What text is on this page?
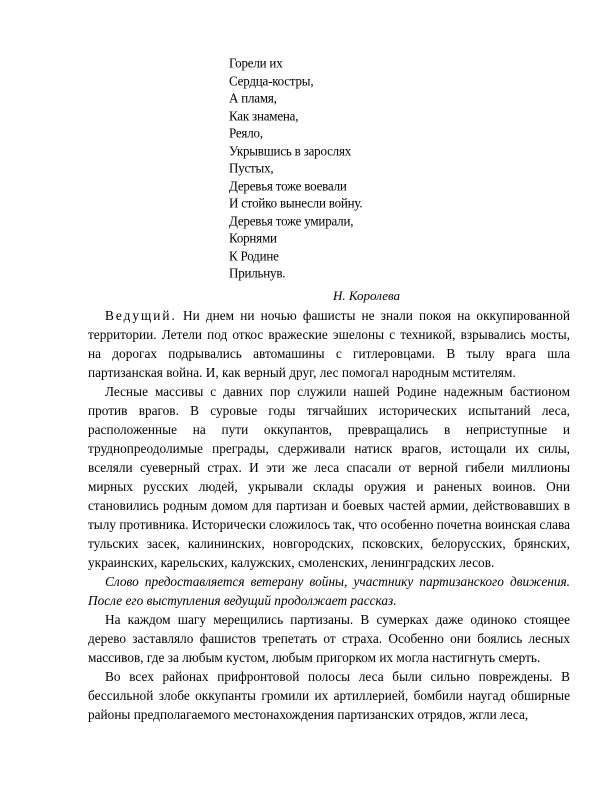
Горели их
Сердца-костры,
А пламя,
Как знамена,
Реяло,
Укрывшись в зарослях
Пустых,
Деревья тоже воевали
И стойко вынесли войну.
Деревья тоже умирали,
Корнями
К Родине
Прильнув.
Н. Королева

Ведущий. Ни днем ни ночью фашисты не знали покоя на оккупированной территории. Летели под откос вражеские эшелоны с техникой, взрывались мосты, на дорогах подрывались автомашины с гитлеровцами. В тылу врага шла партизанская война. И, как верный друг, лес помогал народным мстителям.

Лесные массивы с давних пор служили нашей Родине надежным бастионом против врагов. В суровые годы тягчайших исторических испытаний леса, расположенные на пути оккупантов, превращались в неприступные и труднопреодолимые преграды, сдерживали натиск врагов, истощали их силы, вселяли суеверный страх. И эти же леса спасали от верной гибели миллионы мирных русских людей, укрывали склады оружия и раненых воинов. Они становились родным домом для партизан и боевых частей армии, действовавших в тылу противника. Исторически сложилось так, что особенно почетна воинская слава тульских засек, калининских, новгородских, псковских, белорусских, брянских, украинских, карельских, калужских, смоленских, ленинградских лесов.

Слово предоставляется ветерану войны, участнику партизанского движения. После его выступления ведущий продолжает рассказ.

На каждом шагу мерещились партизаны. В сумерках даже одиноко стоящее дерево заставляло фашистов трепетать от страха. Особенно они боялись лесных массивов, где за любым кустом, любым пригорком их могла настигнуть смерть.

Во всех районах прифронтовой полосы леса были сильно повреждены. В бессильной злобе оккупанты громили их артиллерией, бомбили наугад обширные районы предполагаемого местонахождения партизанских отрядов, жгли леса,
